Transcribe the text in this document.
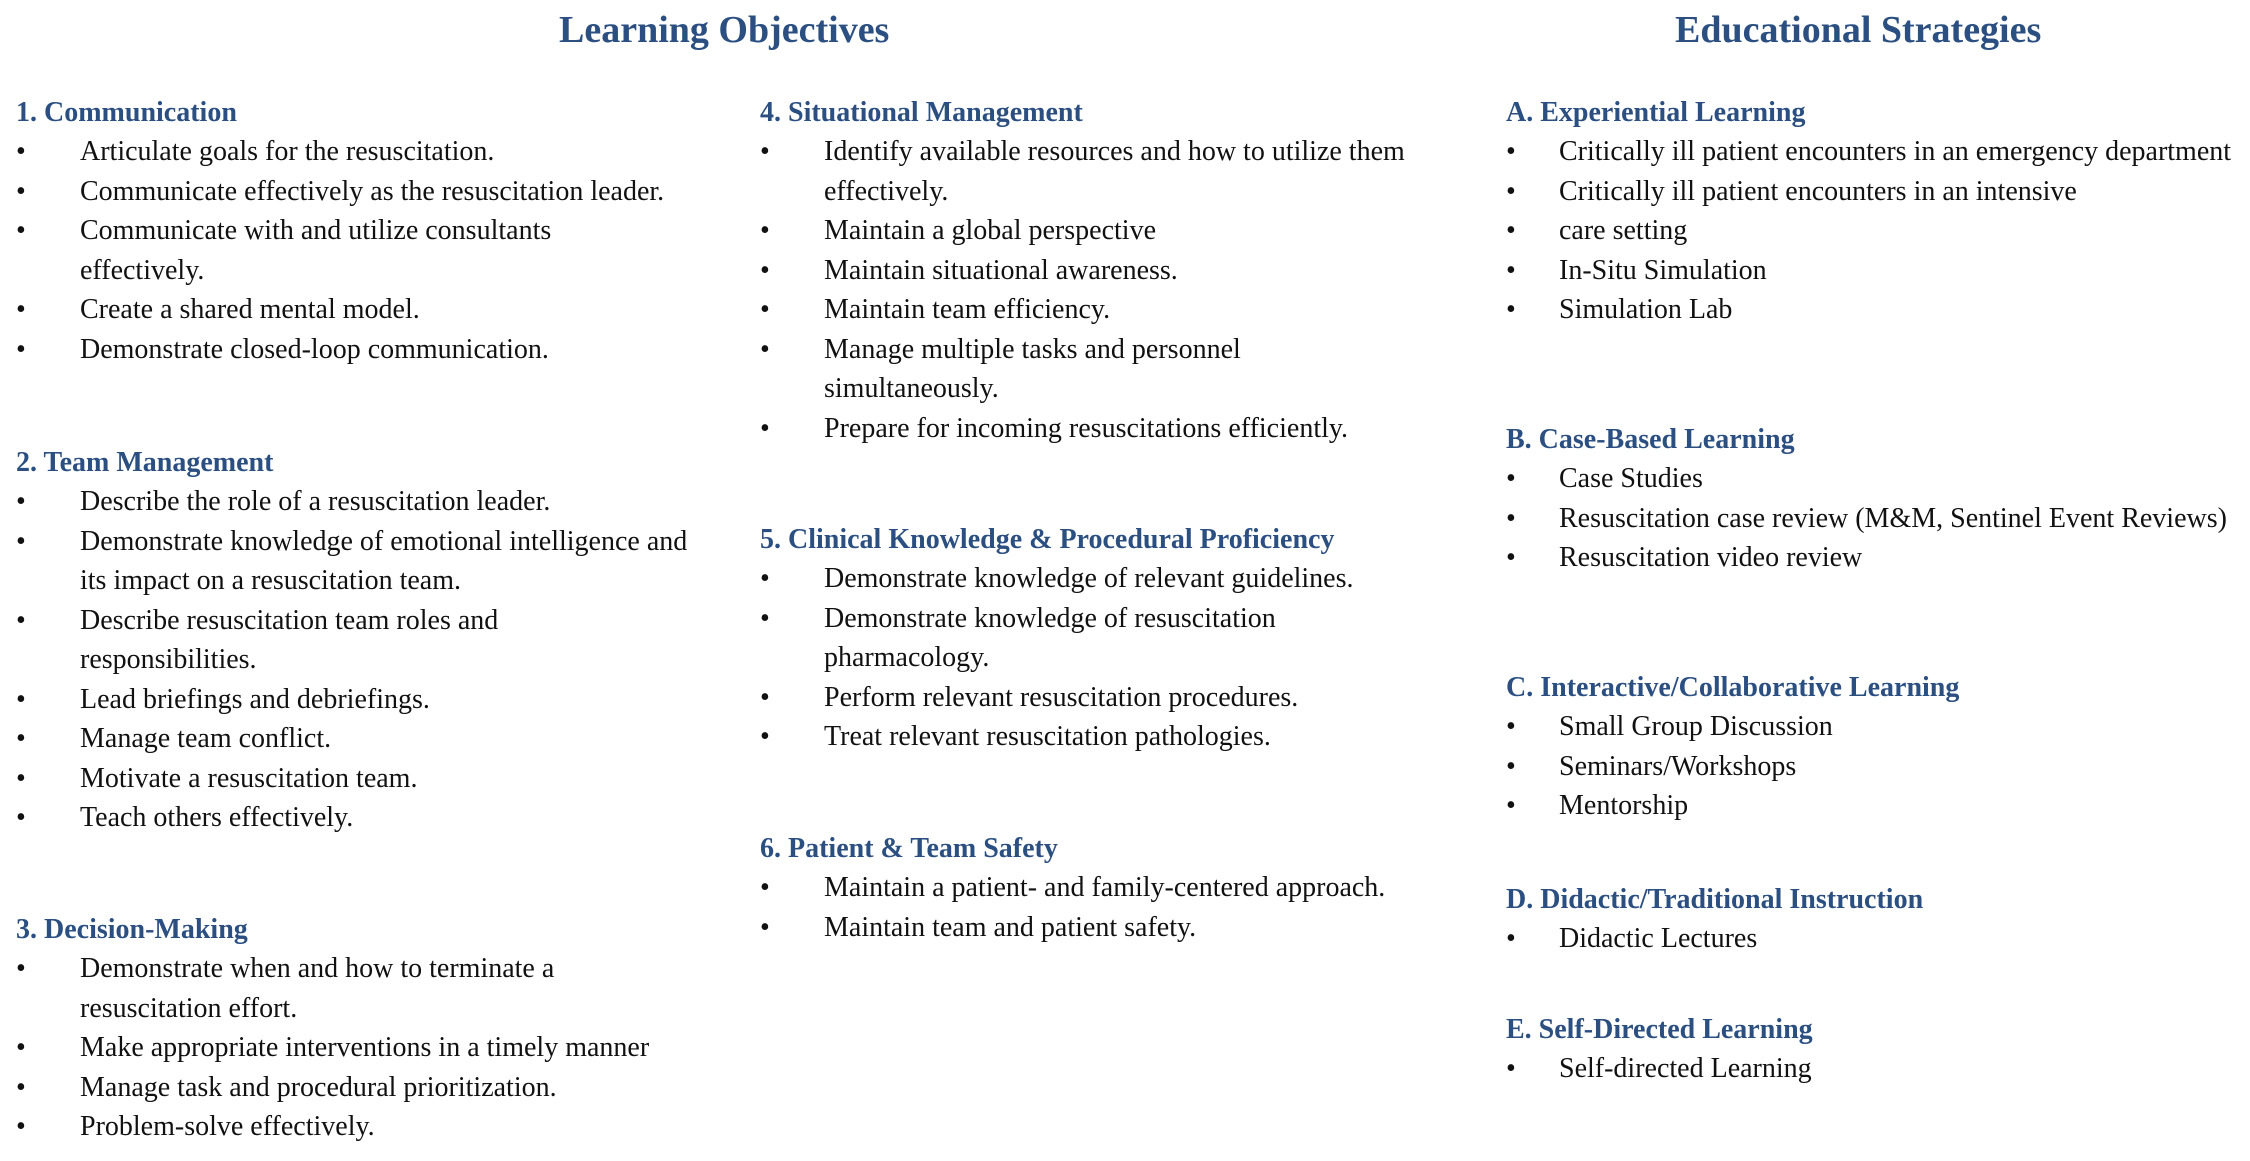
Learning Objectives	Educational Strategies
1. Communication
• Articulate goals for the resuscitation.
• Communicate effectively as the resuscitation leader.
• Communicate with and utilize consultants effectively.
• Create a shared mental model.
• Demonstrate closed-loop communication.
2. Team Management
• Describe the role of a resuscitation leader.
• Demonstrate knowledge of emotional intelligence and its impact on a resuscitation team.
• Describe resuscitation team roles and responsibilities.
• Lead briefings and debriefings.
• Manage team conflict.
• Motivate a resuscitation team.
• Teach others effectively.
3. Decision-Making
• Demonstrate when and how to terminate a resuscitation effort.
• Make appropriate interventions in a timely manner
• Manage task and procedural prioritization.
• Problem-solve effectively.
4. Situational Management
• Identify available resources and how to utilize them effectively.
• Maintain a global perspective
• Maintain situational awareness.
• Maintain team efficiency.
• Manage multiple tasks and personnel simultaneously.
• Prepare for incoming resuscitations efficiently.
5. Clinical Knowledge & Procedural Proficiency
• Demonstrate knowledge of relevant guidelines.
• Demonstrate knowledge of resuscitation pharmacology.
• Perform relevant resuscitation procedures.
• Treat relevant resuscitation pathologies.
6. Patient & Team Safety
• Maintain a patient- and family-centered approach.
• Maintain team and patient safety.
A. Experiential Learning
• Critically ill patient encounters in an emergency department
• Critically ill patient encounters in an intensive
• care setting
• In-Situ Simulation
• Simulation Lab
B. Case-Based Learning
• Case Studies
• Resuscitation case review (M&M, Sentinel Event Reviews)
• Resuscitation video review
C. Interactive/Collaborative Learning
• Small Group Discussion
• Seminars/Workshops
• Mentorship
D. Didactic/Traditional Instruction
• Didactic Lectures
E. Self-Directed Learning
• Self-directed Learning
